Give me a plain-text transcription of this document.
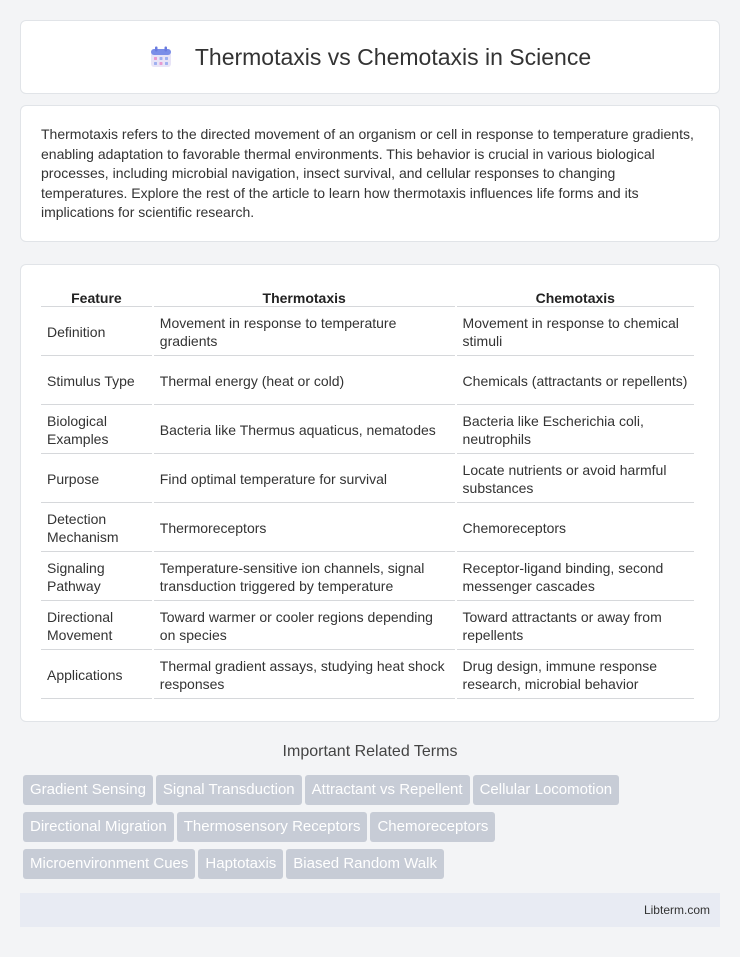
Thermotaxis vs Chemotaxis in Science

Thermotaxis refers to the directed movement of an organism or cell in response to temperature gradients, enabling adaptation to favorable thermal environments. This behavior is crucial in various biological processes, including microbial navigation, insect survival, and cellular responses to changing temperatures. Explore the rest of the article to learn how thermotaxis influences life forms and its implications for scientific research.

Feature	Thermotaxis	Chemotaxis
Definition	Movement in response to temperature gradients	Movement in response to chemical stimuli
Stimulus Type	Thermal energy (heat or cold)	Chemicals (attractants or repellents)
Biological Examples	Bacteria like Thermus aquaticus, nematodes	Bacteria like Escherichia coli, neutrophils
Purpose	Find optimal temperature for survival	Locate nutrients or avoid harmful substances
Detection Mechanism	Thermoreceptors	Chemoreceptors
Signaling Pathway	Temperature-sensitive ion channels, signal transduction triggered by temperature	Receptor-ligand binding, second messenger cascades
Directional Movement	Toward warmer or cooler regions depending on species	Toward attractants or away from repellents
Applications	Thermal gradient assays, studying heat shock responses	Drug design, immune response research, microbial behavior
Important Related Terms
Gradient Sensing Signal Transduction Attractant vs Repellent Cellular Locomotion
Directional Migration Thermosensory Receptors Chemoreceptors
Microenvironment Cues Haptotaxis Biased Random Walk
Libterm.com
